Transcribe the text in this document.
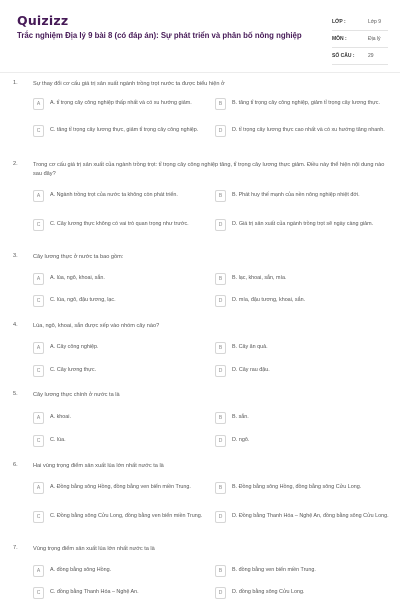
Quizizz
Trắc nghiệm Địa lý 9 bài 8 (có đáp án): Sự phát triển và phân bố nông nghiệp
LỚP :	Lớp 9
MÔN :	Địa lý
SỐ CÂU :	29
1.	Sự thay đổi cơ cấu giá trị sản xuất ngành trồng trọt nước ta được biểu hiện ở
A	A. tỉ trọng cây công nghiệp thấp nhất và có xu hướng giảm.	B	B. tăng tỉ trọng cây công nghiệp, giảm tỉ trọng cây lương thực.
C	C. tăng tỉ trọng cây lương thực, giảm tỉ trọng cây công nghiệp.	D	D. tỉ trọng cây lương thực cao nhất và có xu hướng tăng nhanh.
2.	Trong cơ cấu giá trị sản xuất của ngành trồng trọt: tỉ trọng cây công nghiệp tăng, tỉ trọng cây lương thực giảm. Điều này thể hiện nội dung nào sau đây?
A	A. Ngành trồng trọt của nước ta không còn phát triển.	B	B. Phát huy thế mạnh của nền nông nghiệp nhiệt đới.
C	C. Cây lương thực không có vai trò quan trọng như trước.	D	D. Giá trị sản xuất của ngành trồng trọt sẽ ngày càng giảm.
3.	Cây lương thực ở nước ta bao gồm:
A	A. lúa, ngô, khoai, sắn.	B	B. lạc, khoai, sắn, mía.
C	C. lúa, ngô, đậu tương, lạc.	D	D. mía, đậu tương, khoai, sắn.
4.	Lúa, ngô, khoai, sắn được xếp vào nhóm cây nào?
A	A. Cây công nghiệp.	B	B. Cây ăn quả.
C	C. Cây lương thực.	D	D. Cây rau đậu.
5.	Cây lương thực chính ở nước ta là
A	A. khoai.	B	B. sắn.
C	C. lúa.	D	D. ngô.
6.	Hai vùng trọng điểm sản xuất lúa lớn nhất nước ta là
A	A. Đồng bằng sông Hồng, đồng bằng ven biển miền Trung.	B	B. Đồng bằng sông Hồng, đồng bằng sông Cửu Long.
C	C. Đồng bằng sông Cửu Long, đồng bằng ven biển miền Trung.	D	D. Đồng bằng Thanh Hóa – Nghệ An, đồng bằng sông Cửu Long.
7.	Vùng trọng điểm sản xuất lúa lớn nhất nước ta là
A	A. đồng bằng sông Hồng.	B	B. đồng bằng ven biển miền Trung.
C	C. đồng bằng Thanh Hóa – Nghệ An.	D	D. đồng bằng sông Cửu Long.
